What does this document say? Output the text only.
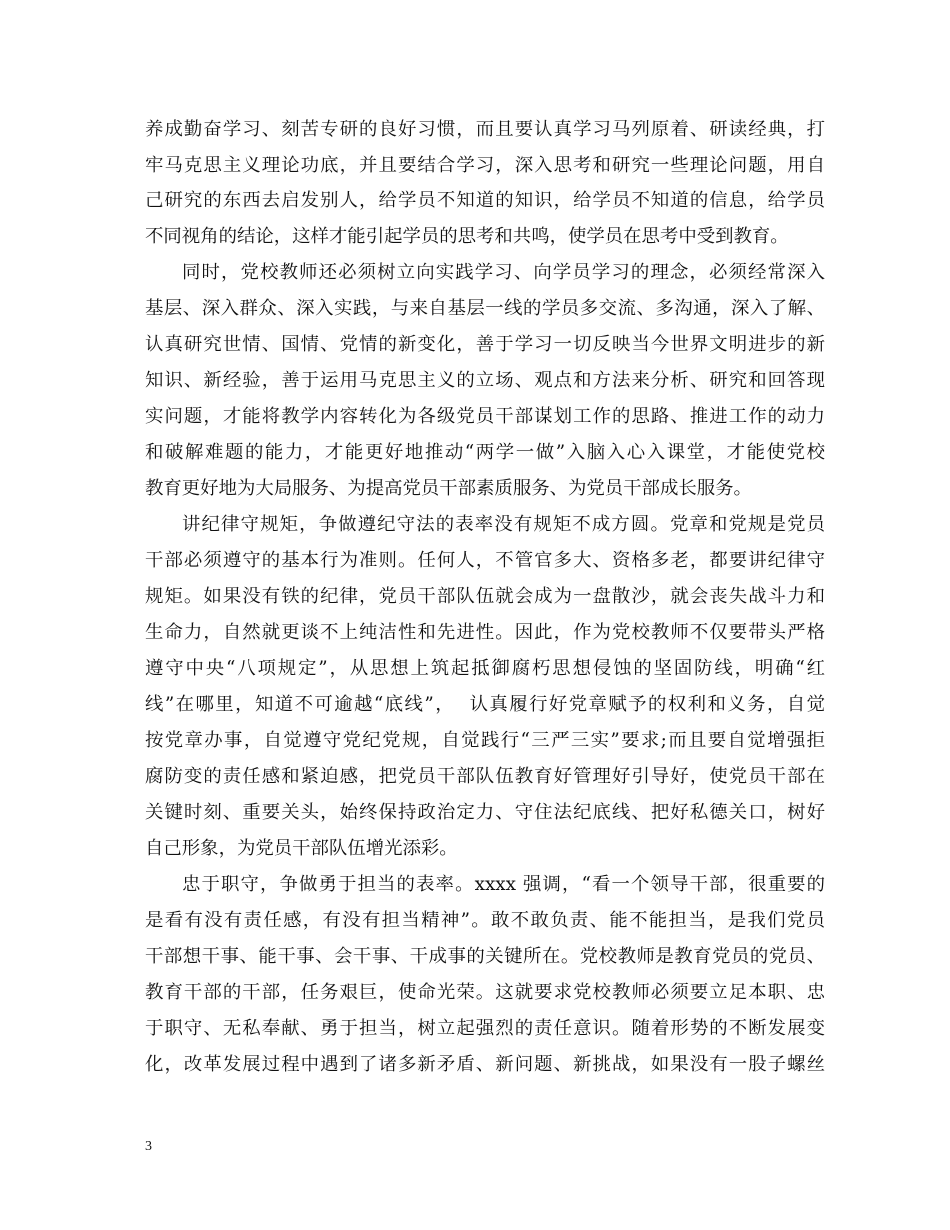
养成勤奋学习、刻苦专研的良好习惯，而且要认真学习马列原着、研读经典，打
牢马克思主义理论功底，并且要结合学习，深入思考和研究一些理论问题，用自
己研究的东西去启发别人，给学员不知道的知识，给学员不知道的信息，给学员
不同视角的结论，这样才能引起学员的思考和共鸣，使学员在思考中受到教育。
同时，党校教师还必须树立向实践学习、向学员学习的理念，必须经常深入
基层、深入群众、深入实践，与来自基层一线的学员多交流、多沟通，深入了解、
认真研究世情、国情、党情的新变化，善于学习一切反映当今世界文明进步的新
知识、新经验，善于运用马克思主义的立场、观点和方法来分析、研究和回答现
实问题，才能将教学内容转化为各级党员干部谋划工作的思路、推进工作的动力
和破解难题的能力，才能更好地推动“两学一做”入脑入心入课堂，才能使党校
教育更好地为大局服务、为提高党员干部素质服务、为党员干部成长服务。
讲纪律守规矩，争做遵纪守法的表率没有规矩不成方圆。党章和党规是党员
干部必须遵守的基本行为准则。任何人，不管官多大、资格多老，都要讲纪律守
规矩。如果没有铁的纪律，党员干部队伍就会成为一盘散沙，就会丧失战斗力和
生命力，自然就更谈不上纯洁性和先进性。因此，作为党校教师不仅要带头严格
遵守中央“八项规定”，从思想上筑起抵御腐朽思想侵蚀的坚固防线，明确“红
线”在哪里，知道不可逾越“底线”，  认真履行好党章赋予的权利和义务，自觉
按党章办事，自觉遵守党纪党规，自觉践行“三严三实”要求;而且要自觉增强拒
腐防变的责任感和紧迫感，把党员干部队伍教育好管理好引导好，使党员干部在
关键时刻、重要关头，始终保持政治定力、守住法纪底线、把好私德关口，树好
自己形象，为党员干部队伍增光添彩。
忠于职守，争做勇于担当的表率。xxxx 强调，“看一个领导干部，很重要的
是看有没有责任感，有没有担当精神”。敢不敢负责、能不能担当，是我们党员
干部想干事、能干事、会干事、干成事的关键所在。党校教师是教育党员的党员、
教育干部的干部，任务艰巨，使命光荣。这就要求党校教师必须要立足本职、忠
于职守、无私奉献、勇于担当，树立起强烈的责任意识。随着形势的不断发展变
化，改革发展过程中遇到了诸多新矛盾、新问题、新挑战，如果没有一股子螺丝
3
